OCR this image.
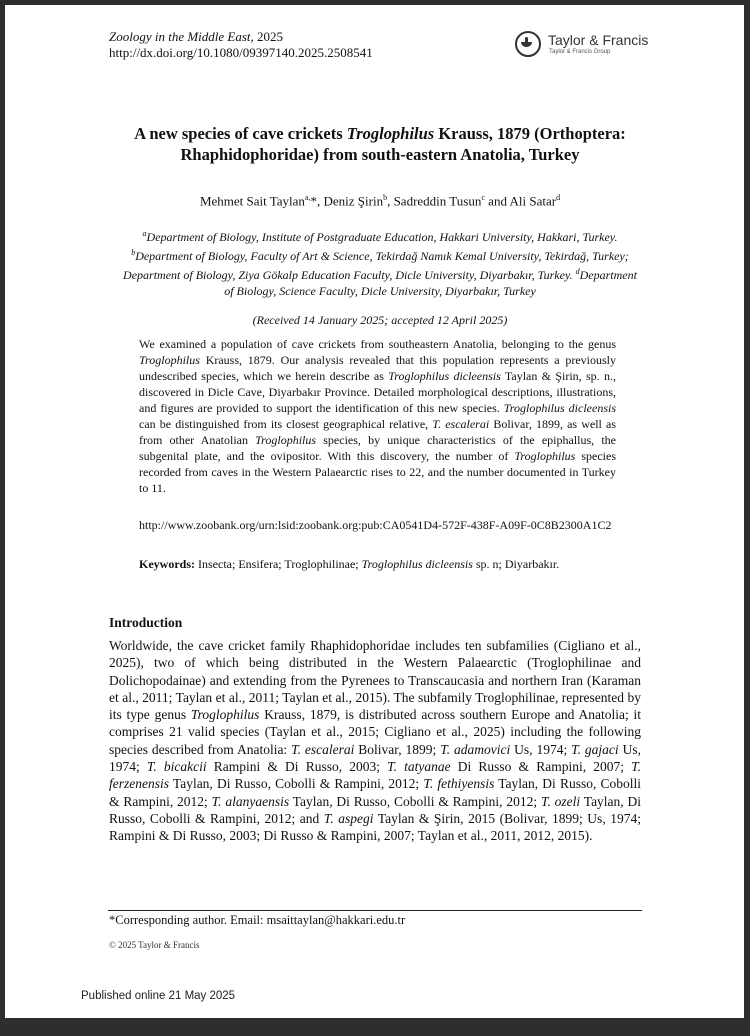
Zoology in the Middle East, 2025
http://dx.doi.org/10.1080/09397140.2025.2508541
Taylor & Francis
Taylor & Francis Group
A new species of cave crickets Troglophilus Krauss, 1879 (Orthoptera: Rhaphidophoridae) from south-eastern Anatolia, Turkey
Mehmet Sait Taylan$^{a,}$*, Deniz Şirin$^b$, Sadreddin Tusun$^c$ and Ali Satar$^d$
$^a$Department of Biology, Institute of Postgraduate Education, Hakkari University, Hakkari, Turkey. $^b$Department of Biology, Faculty of Art & Science, Tekirdağ Namık Kemal University, Tekirdağ, Turkey; Department of Biology, Ziya Gökalp Education Faculty, Dicle University, Diyarbakır, Turkey. $^d$Department of Biology, Science Faculty, Dicle University, Diyarbakır, Turkey
(Received 14 January 2025; accepted 12 April 2025)
We examined a population of cave crickets from southeastern Anatolia, belonging to the genus Troglophilus Krauss, 1879. Our analysis revealed that this population represents a previously undescribed species, which we herein describe as Troglophilus dicleensis Taylan & Şirin, sp. n., discovered in Dicle Cave, Diyarbakır Province. Detailed morphological descriptions, illustrations, and figures are provided to support the identification of this new species. Troglophilus dicleensis can be distinguished from its closest geographical relative, T. escalerai Bolivar, 1899, as well as from other Anatolian Troglophilus species, by unique characteristics of the epiphallus, the subgenital plate, and the ovipositor. With this discovery, the number of Troglophilus species recorded from caves in the Western Palaearctic rises to 22, and the number documented in Turkey to 11.
http://www.zoobank.org/urn:lsid:zoobank.org:pub:CA0541D4-572F-438F-A09F-0C8B2300A1C2
Keywords: Insecta; Ensifera; Troglophilinae; Troglophilus dicleensis sp. n; Diyarbakır.
Introduction
Worldwide, the cave cricket family Rhaphidophoridae includes ten subfamilies (Cigliano et al., 2025), two of which being distributed in the Western Palaearctic (Troglophilinae and Dolichopodainae) and extending from the Pyrenees to Transcaucasia and northern Iran (Karaman et al., 2011; Taylan et al., 2011; Taylan et al., 2015). The subfamily Troglophilinae, represented by its type genus Troglophilus Krauss, 1879, is distributed across southern Europe and Anatolia; it comprises 21 valid species (Taylan et al., 2015; Cigliano et al., 2025) including the following species described from Anatolia: T. escalerai Bolivar, 1899; T. adamovici Us, 1974; T. gajaci Us, 1974; T. bicakcii Rampini & Di Russo, 2003; T. tatyanae Di Russo & Rampini, 2007; T. ferzenensis Taylan, Di Russo, Cobolli & Rampini, 2012; T. fethiyensis Taylan, Di Russo, Cobolli & Rampini, 2012; T. alanyaensis Taylan, Di Russo, Cobolli & Rampini, 2012; T. ozeli Taylan, Di Russo, Cobolli & Rampini, 2012; and T. aspegi Taylan & Şirin, 2015 (Bolivar, 1899; Us, 1974; Rampini & Di Russo, 2003; Di Russo & Rampini, 2007; Taylan et al., 2011, 2012, 2015).
*Corresponding author. Email: msaittaylan@hakkari.edu.tr
© 2025 Taylor & Francis
Published online 21 May 2025
